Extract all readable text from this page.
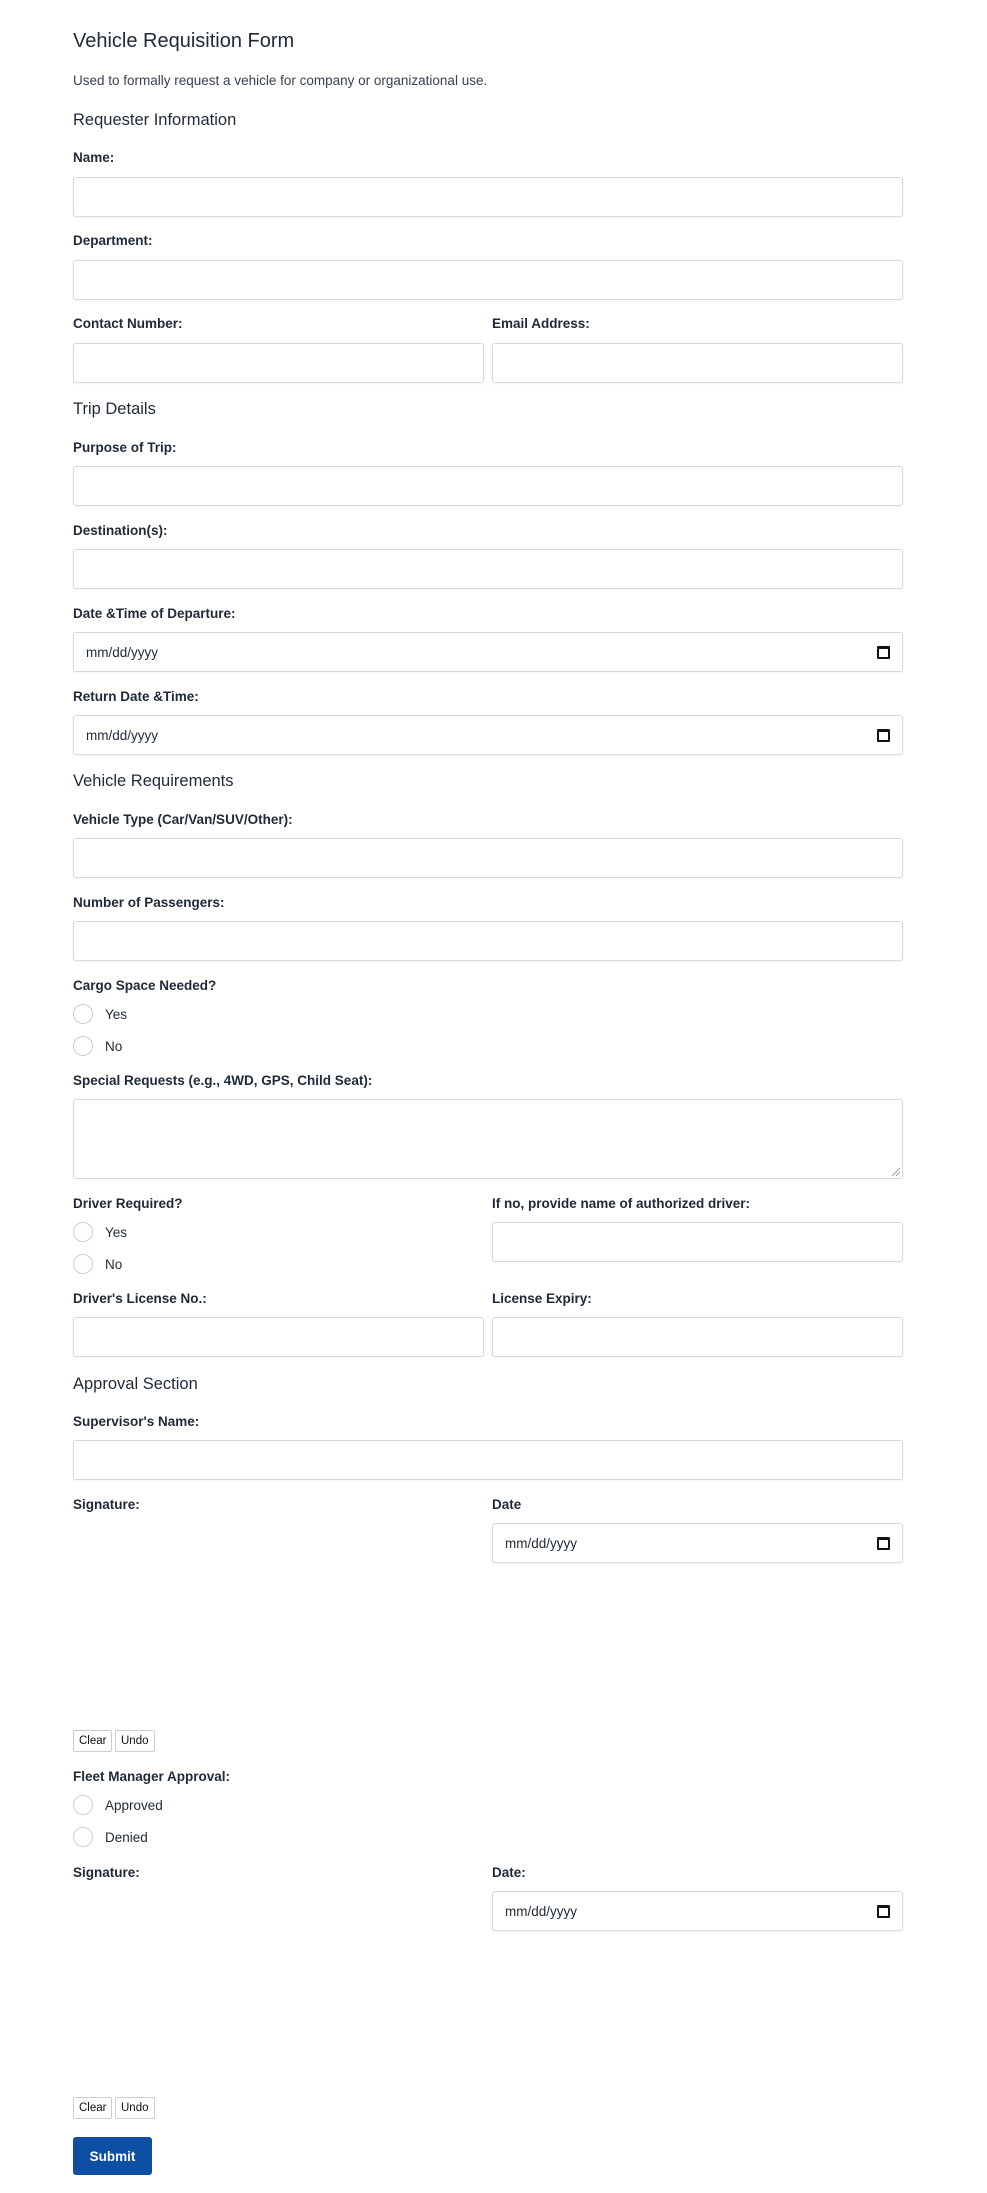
Vehicle Requisition Form

Used to formally request a vehicle for company or organizational use.

Requester Information
Name:
Department:
Contact Number:	Email Address:
Trip Details
Purpose of Trip:
Destination(s):
Date &Time of Departure:
mm/dd/yyyy
Return Date &Time:
mm/dd/yyyy
Vehicle Requirements
Vehicle Type (Car/Van/SUV/Other):
Number of Passengers:
Cargo Space Needed?
Yes
No
Special Requests (e.g., 4WD, GPS, Child Seat):
Driver Required?
Yes
No
If no, provide name of authorized driver:
Driver's License No.:	License Expiry:
Approval Section
Supervisor's Name:
Signature:	Date
mm/dd/yyyy
Clear	Undo
Fleet Manager Approval:
Approved
Denied
Signature:	Date:
mm/dd/yyyy
Clear	Undo
Submit
